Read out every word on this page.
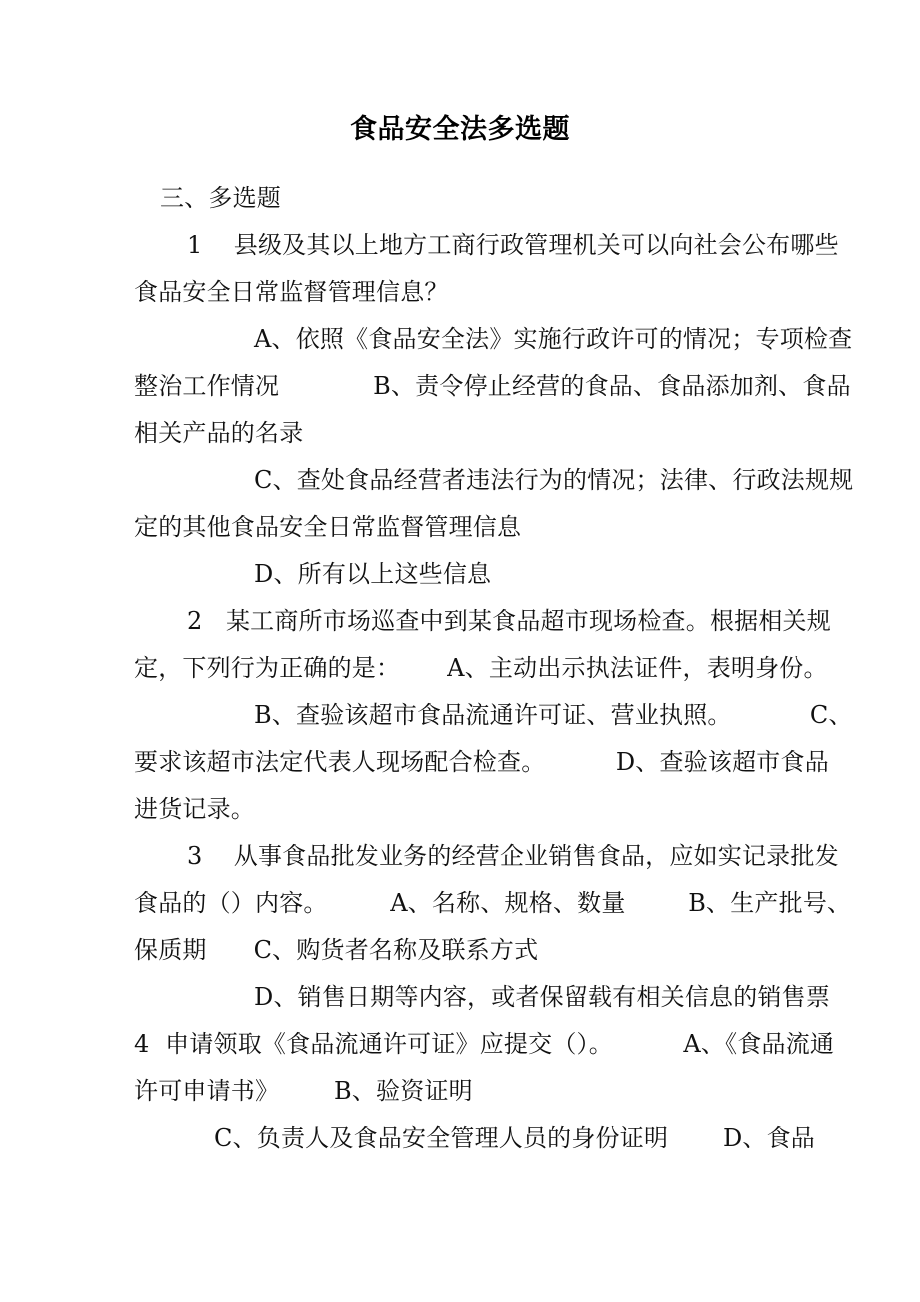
食品安全法多选题
三、多选题
1    县级及其以上地方工商行政管理机关可以向社会公布哪些
食品安全日常监督管理信息？
A、依照《食品安全法》实施行政许可的情况；专项检查
整治工作情况            B、责令停止经营的食品、食品添加剂、食品
相关产品的名录
C、查处食品经营者违法行为的情况；法律、行政法规规
定的其他食品安全日常监督管理信息
D、所有以上这些信息
2   某工商所市场巡查中到某食品超市现场检查。根据相关规
定，下列行为正确的是：      A、主动出示执法证件，表明身份。
B、查验该超市食品流通许可证、营业执照。          C、
要求该超市法定代表人现场配合检查。         D、查验该超市食品
进货记录。
3    从事食品批发业务的经营企业销售食品，应如实记录批发
食品的（）内容。        A、名称、规格、数量        B、生产批号、
保质期      C、购货者名称及联系方式
D、销售日期等内容，或者保留载有相关信息的销售票
4  申请领取《食品流通许可证》应提交（）。         A、《食品流通
许可申请书》       B、验资证明
C、负责人及食品安全管理人员的身份证明       D、食品
